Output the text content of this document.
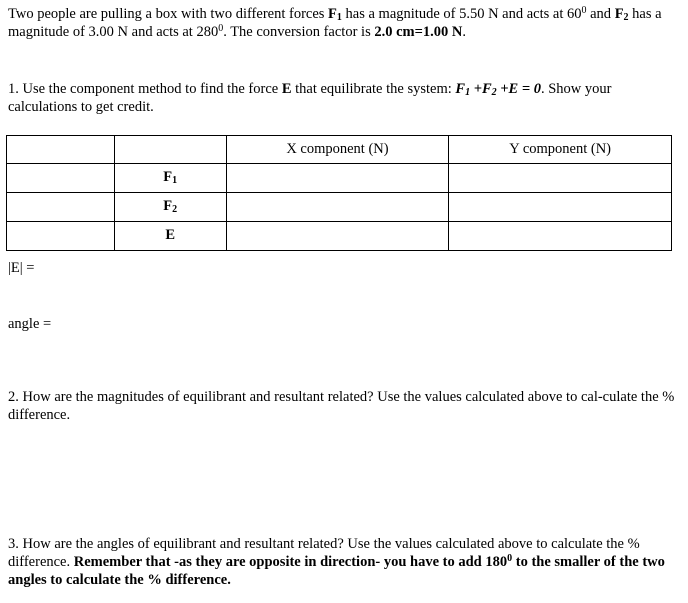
Two people are pulling a box with two different forces $F_1$ has a magnitude of 5.50 N and acts at $60^0$ and $F_2$ has a magnitude of 3.00 N and acts at $280^0$. The conversion factor is 2.0 cm=1.00 N.
1. Use the component method to find the force E that equilibrate the system: $F_1 +F_2 +E = 0$. Show your calculations to get credit.
		X component (N)	Y component (N)
	$F_1$		
	$F_2$		
	E		
|E| =
angle =
2. How are the magnitudes of equilibrant and resultant related? Use the values calculated above to cal-culate the % difference.
3. How are the angles of equilibrant and resultant related? Use the values calculated above to calculate the % difference. Remember that -as they are opposite in direction- you have to add $180^0$ to the smaller of the two angles to calculate the % difference.
